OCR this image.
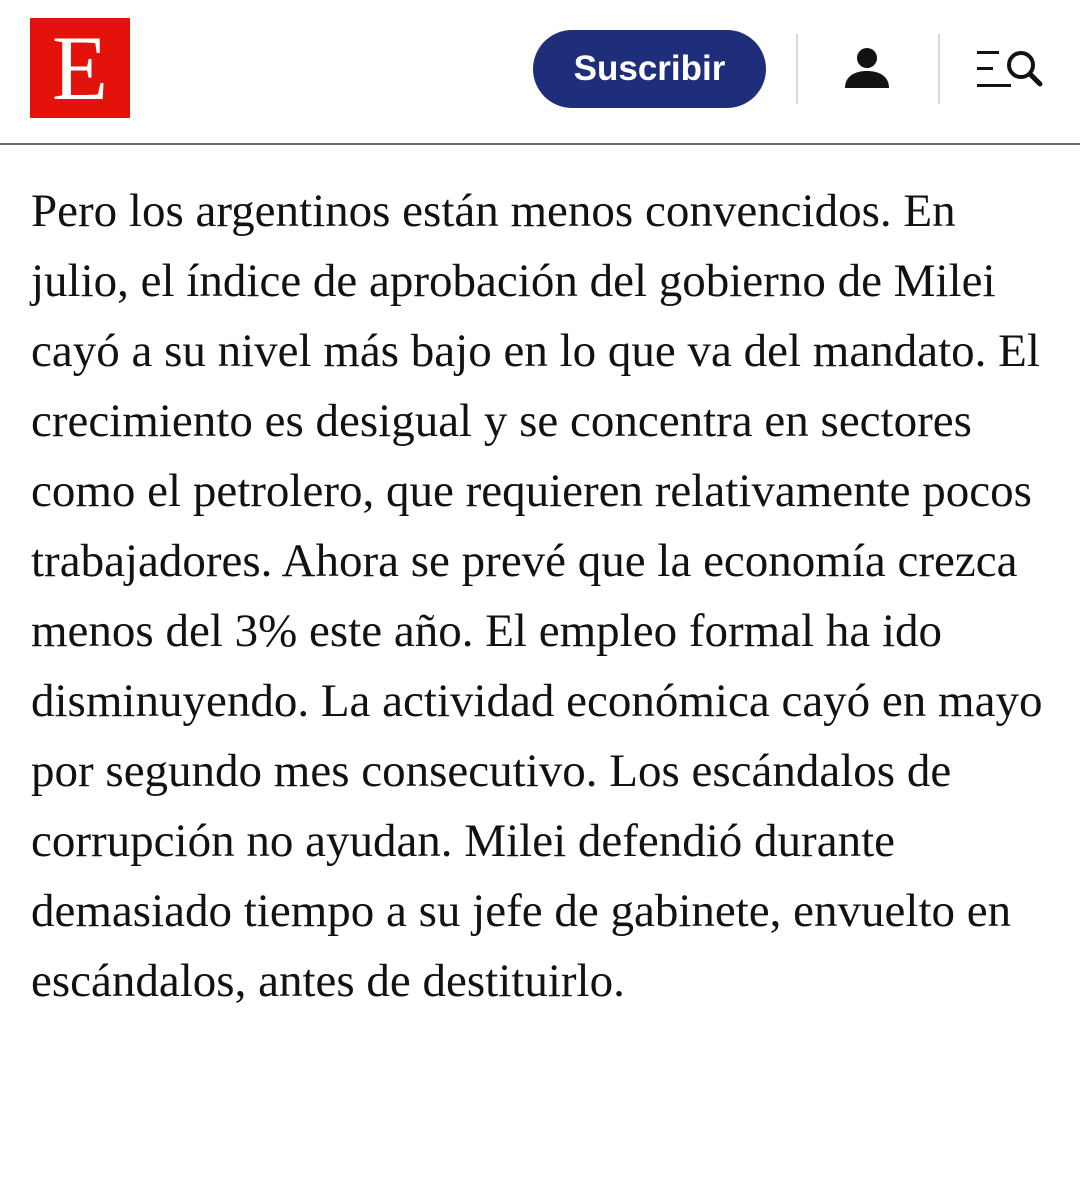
E	Suscribir

Pero los argentinos están menos convencidos. En julio, el índice de aprobación del gobierno de Milei cayó a su nivel más bajo en lo que va del mandato. El crecimiento es desigual y se concentra en sectores como el petrolero, que requieren relativamente pocos trabajadores. Ahora se prevé que la economía crezca menos del 3% este año. El empleo formal ha ido disminuyendo. La actividad económica cayó en mayo por segundo mes consecutivo. Los escándalos de corrupción no ayudan. Milei defendió durante demasiado tiempo a su jefe de gabinete, envuelto en escándalos, antes de destituirlo.
